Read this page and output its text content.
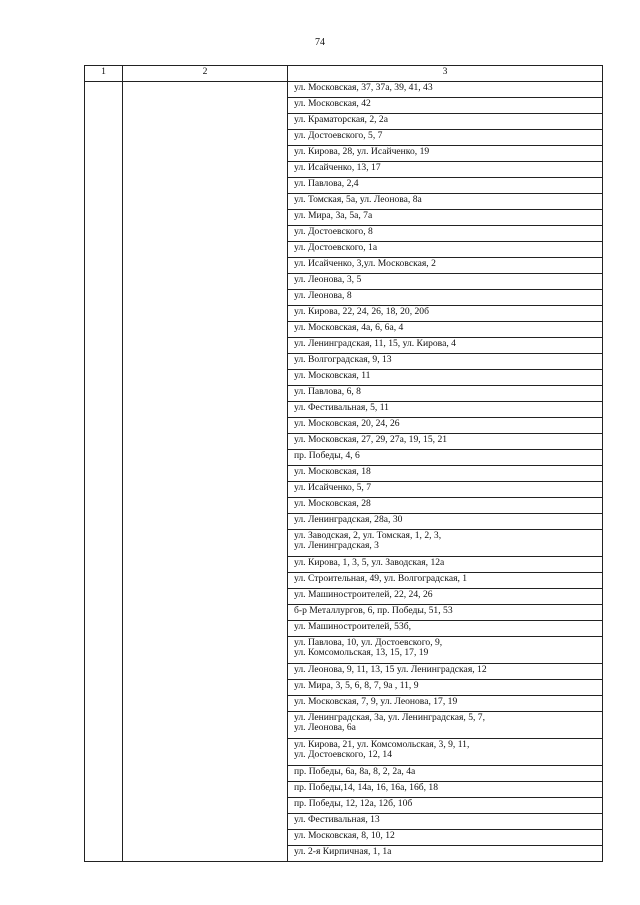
74
1	2	3

		ул. Московская, 37, 37а, 39, 41, 43

		ул. Московская, 42

		ул. Краматорская, 2, 2а

		ул. Достоевского, 5, 7

		ул. Кирова, 28, ул. Исайченко, 19

		ул. Исайченко, 13, 17

		ул. Павлова, 2,4

		ул. Томская, 5а, ул. Леонова, 8а

		ул. Мира, 3а, 5а, 7а

		ул. Достоевского, 8

		ул. Достоевского, 1а

		ул. Исайченко, 3,ул. Московская, 2

		ул. Леонова, 3, 5

		ул. Леонова, 8

		ул. Кирова, 22, 24, 26, 18, 20, 20б

		ул. Московская, 4а, 6, 6а, 4

		ул. Ленинградская, 11, 15, ул. Кирова, 4

		ул. Волгоградская, 9, 13

		ул. Московская, 11

		ул. Павлова, 6, 8

		ул. Фестивальная, 5, 11

		ул. Московская, 20, 24, 26

		ул. Московская, 27, 29, 27а, 19, 15, 21

		пр. Победы, 4, 6

		ул. Московская, 18

		ул. Исайченко, 5, 7

		ул. Московская, 28

		ул. Ленинградская, 28а, 30

		ул. Заводская, 2, ул. Томская, 1, 2, 3,
ул. Ленинградская, 3

		ул. Кирова, 1, 3, 5, ул. Заводская, 12а

		ул. Строительная, 49, ул. Волгоградская, 1

		ул. Машиностроителей, 22, 24, 26

		б-р Металлургов, 6, пр. Победы, 51, 53

		ул. Машиностроителей, 53б,

		ул. Павлова, 10, ул. Достоевского, 9,
ул. Комсомольская, 13, 15, 17, 19

		ул. Леонова, 9, 11, 13, 15 ул. Ленинградская, 12

		ул. Мира, 3, 5, 6, 8, 7, 9а , 11, 9

		ул. Московская, 7, 9, ул. Леонова, 17, 19

		ул. Ленинградская, 3а, ул. Ленинградская, 5, 7,
ул. Леонова, 6а

		ул. Кирова, 21, ул. Комсомольская, 3, 9, 11,
ул. Достоевского, 12, 14

		пр. Победы, 6а, 8а, 8, 2, 2а, 4а

		пр. Победы,14, 14а, 16, 16а, 16б, 18

		пр. Победы, 12, 12а, 12б, 10б

		ул. Фестивальная, 13

		ул. Московская, 8, 10, 12

		ул. 2-я Кирпичная, 1, 1а
